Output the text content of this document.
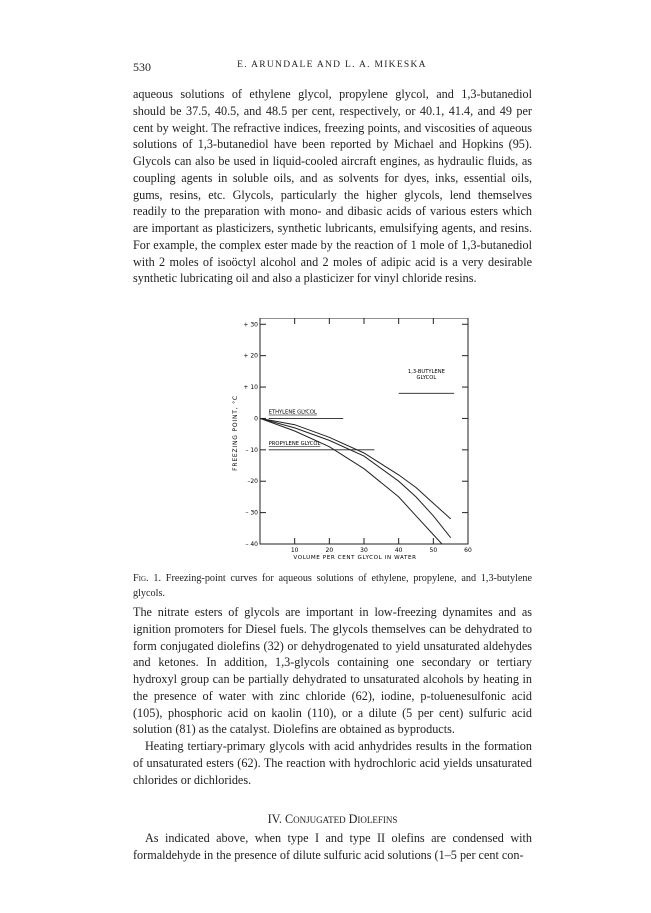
530	E. ARUNDALE AND L. A. MIKESKA

aqueous solutions of ethylene glycol, propylene glycol, and 1,3-butanediol should be 37.5, 40.5, and 48.5 per cent, respectively, or 40.1, 41.4, and 49 per cent by weight. The refractive indices, freezing points, and viscosities of aqueous solutions of 1,3-butanediol have been reported by Michael and Hopkins (95). Glycols can also be used in liquid-cooled aircraft engines, as hydraulic fluids, as coupling agents in soluble oils, and as solvents for dyes, inks, essential oils, gums, resins, etc. Glycols, particularly the higher glycols, lend themselves readily to the preparation with mono- and dibasic acids of various esters which are important as plasticizers, synthetic lubricants, emulsifying agents, and resins. For example, the complex ester made by the reaction of 1 mole of 1,3-butanediol with 2 moles of isoöctyl alcohol and 2 moles of adipic acid is a very desirable synthetic lubricating oil and also a plasticizer for vinyl chloride resins.

+ 30
+ 20
+ 10
0
– 10
–20
– 30
– 40
10	20	30	40	50	60
ETHYLENE GLYCOL
PROPYLENE GLYCOL
1,3-BUTYLENE GLYCOL
FREEZING POINT, °C
VOLUME PER CENT GLYCOL IN WATER

Fig. 1. Freezing-point curves for aqueous solutions of ethylene, propylene, and 1,3-butylene glycols.

The nitrate esters of glycols are important in low-freezing dynamites and as ignition promoters for Diesel fuels. The glycols themselves can be dehydrated to form conjugated diolefins (32) or dehydrogenated to yield unsaturated aldehydes and ketones. In addition, 1,3-glycols containing one secondary or tertiary hydroxyl group can be partially dehydrated to unsaturated alcohols by heating in the presence of water with zinc chloride (62), iodine, p-toluenesulfonic acid (105), phosphoric acid on kaolin (110), or a dilute (5 per cent) sulfuric acid solution (81) as the catalyst. Diolefins are obtained as byproducts.

Heating tertiary-primary glycols with acid anhydrides results in the formation of unsaturated esters (62). The reaction with hydrochloric acid yields unsaturated chlorides or dichlorides.

IV. Conjugated Diolefins

As indicated above, when type I and type II olefins are condensed with formaldehyde in the presence of dilute sulfuric acid solutions (1–5 per cent con-
